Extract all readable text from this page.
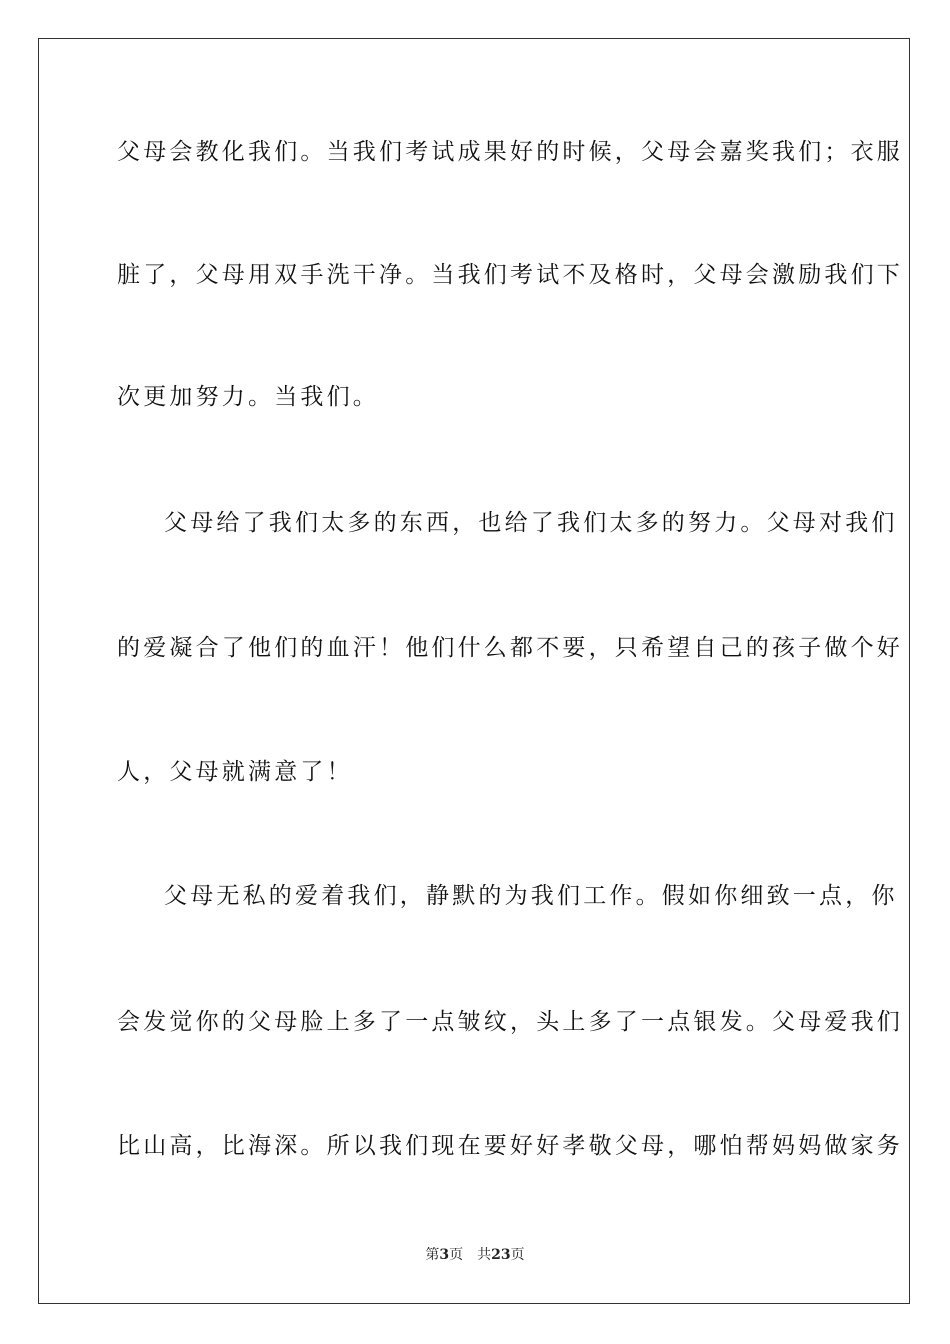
父母会教化我们。当我们考试成果好的时候，父母会嘉奖我们；衣服
脏了，父母用双手洗干净。当我们考试不及格时，父母会激励我们下
次更加努力。当我们。
父母给了我们太多的东西，也给了我们太多的努力。父母对我们
的爱凝合了他们的血汗！他们什么都不要，只希望自己的孩子做个好
人，父母就满意了！
父母无私的爱着我们，静默的为我们工作。假如你细致一点，你
会发觉你的父母脸上多了一点皱纹，头上多了一点银发。父母爱我们
比山高，比海深。所以我们现在要好好孝敬父母，哪怕帮妈妈做家务
第3页 共23页
